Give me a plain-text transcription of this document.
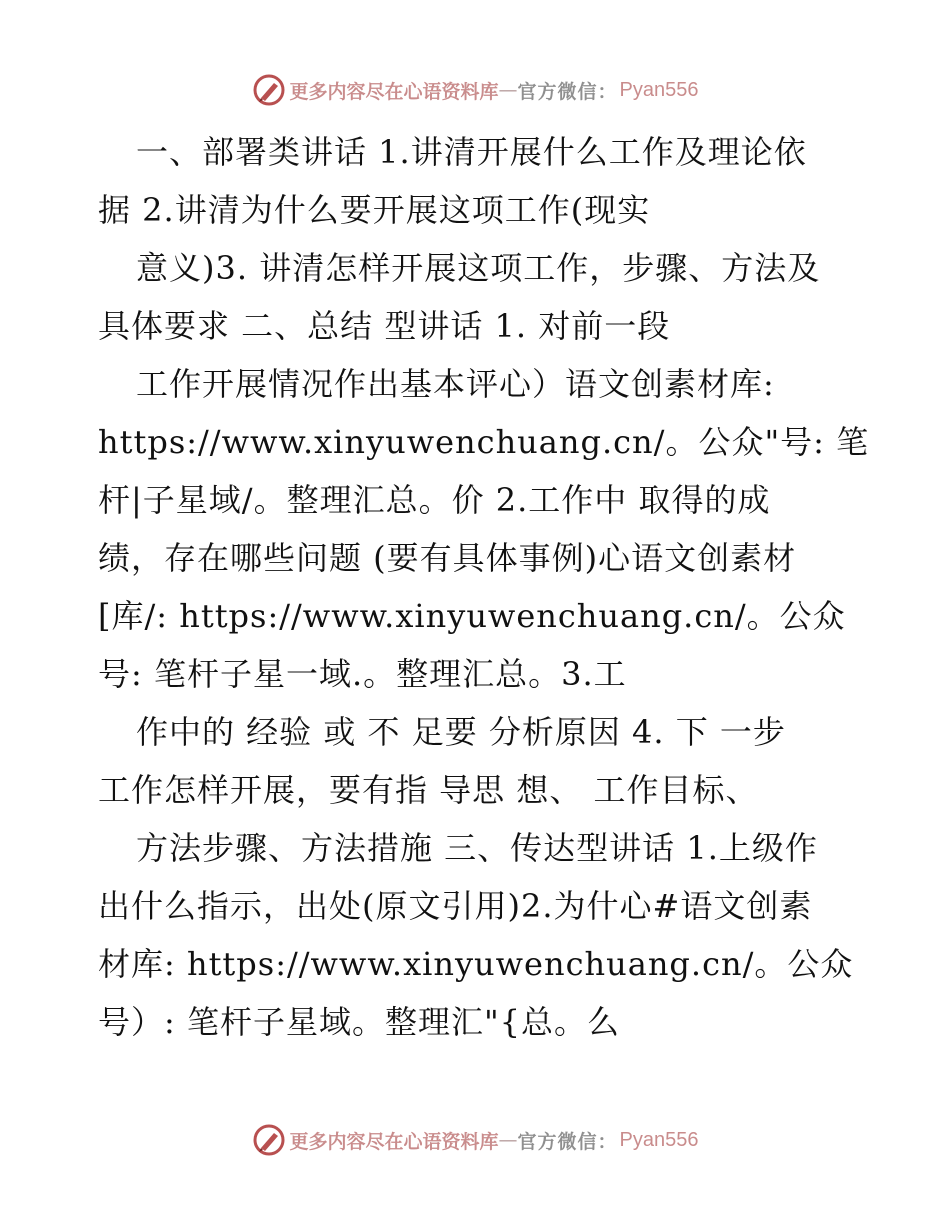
更多内容尽在心语资料库 — 官方微信： Pyan556
一、部署类讲话 1.讲清开展什么工作及理论依
据 2.讲清为什么要开展这项工作(现实
意义)3. 讲清怎样开展这项工作，步骤、方法及
具体要求 二、总结 型讲话 1. 对前一段
工作开展情况作出基本评心）语文创素材库:
https://www.xinyuwenchuang.cn/。公众"号: 笔
杆|子星域/。整理汇总。价 2.工作中 取得的成
绩，存在哪些问题 (要有具体事例)心语文创素材
[库/: https://www.xinyuwenchuang.cn/。公众
号: 笔杆子星一域.。整理汇总。3.工
作中的 经验 或 不 足要 分析原因 4. 下 一步
工作怎样开展，要有指 导思 想、 工作目标、
方法步骤、方法措施 三、传达型讲话 1.上级作
出什么指示，出处(原文引用)2.为什心#语文创素
材库: https://www.xinyuwenchuang.cn/。公众
号）: 笔杆子星域。整理汇"{总。么
更多内容尽在心语资料库 — 官方微信： Pyan556
